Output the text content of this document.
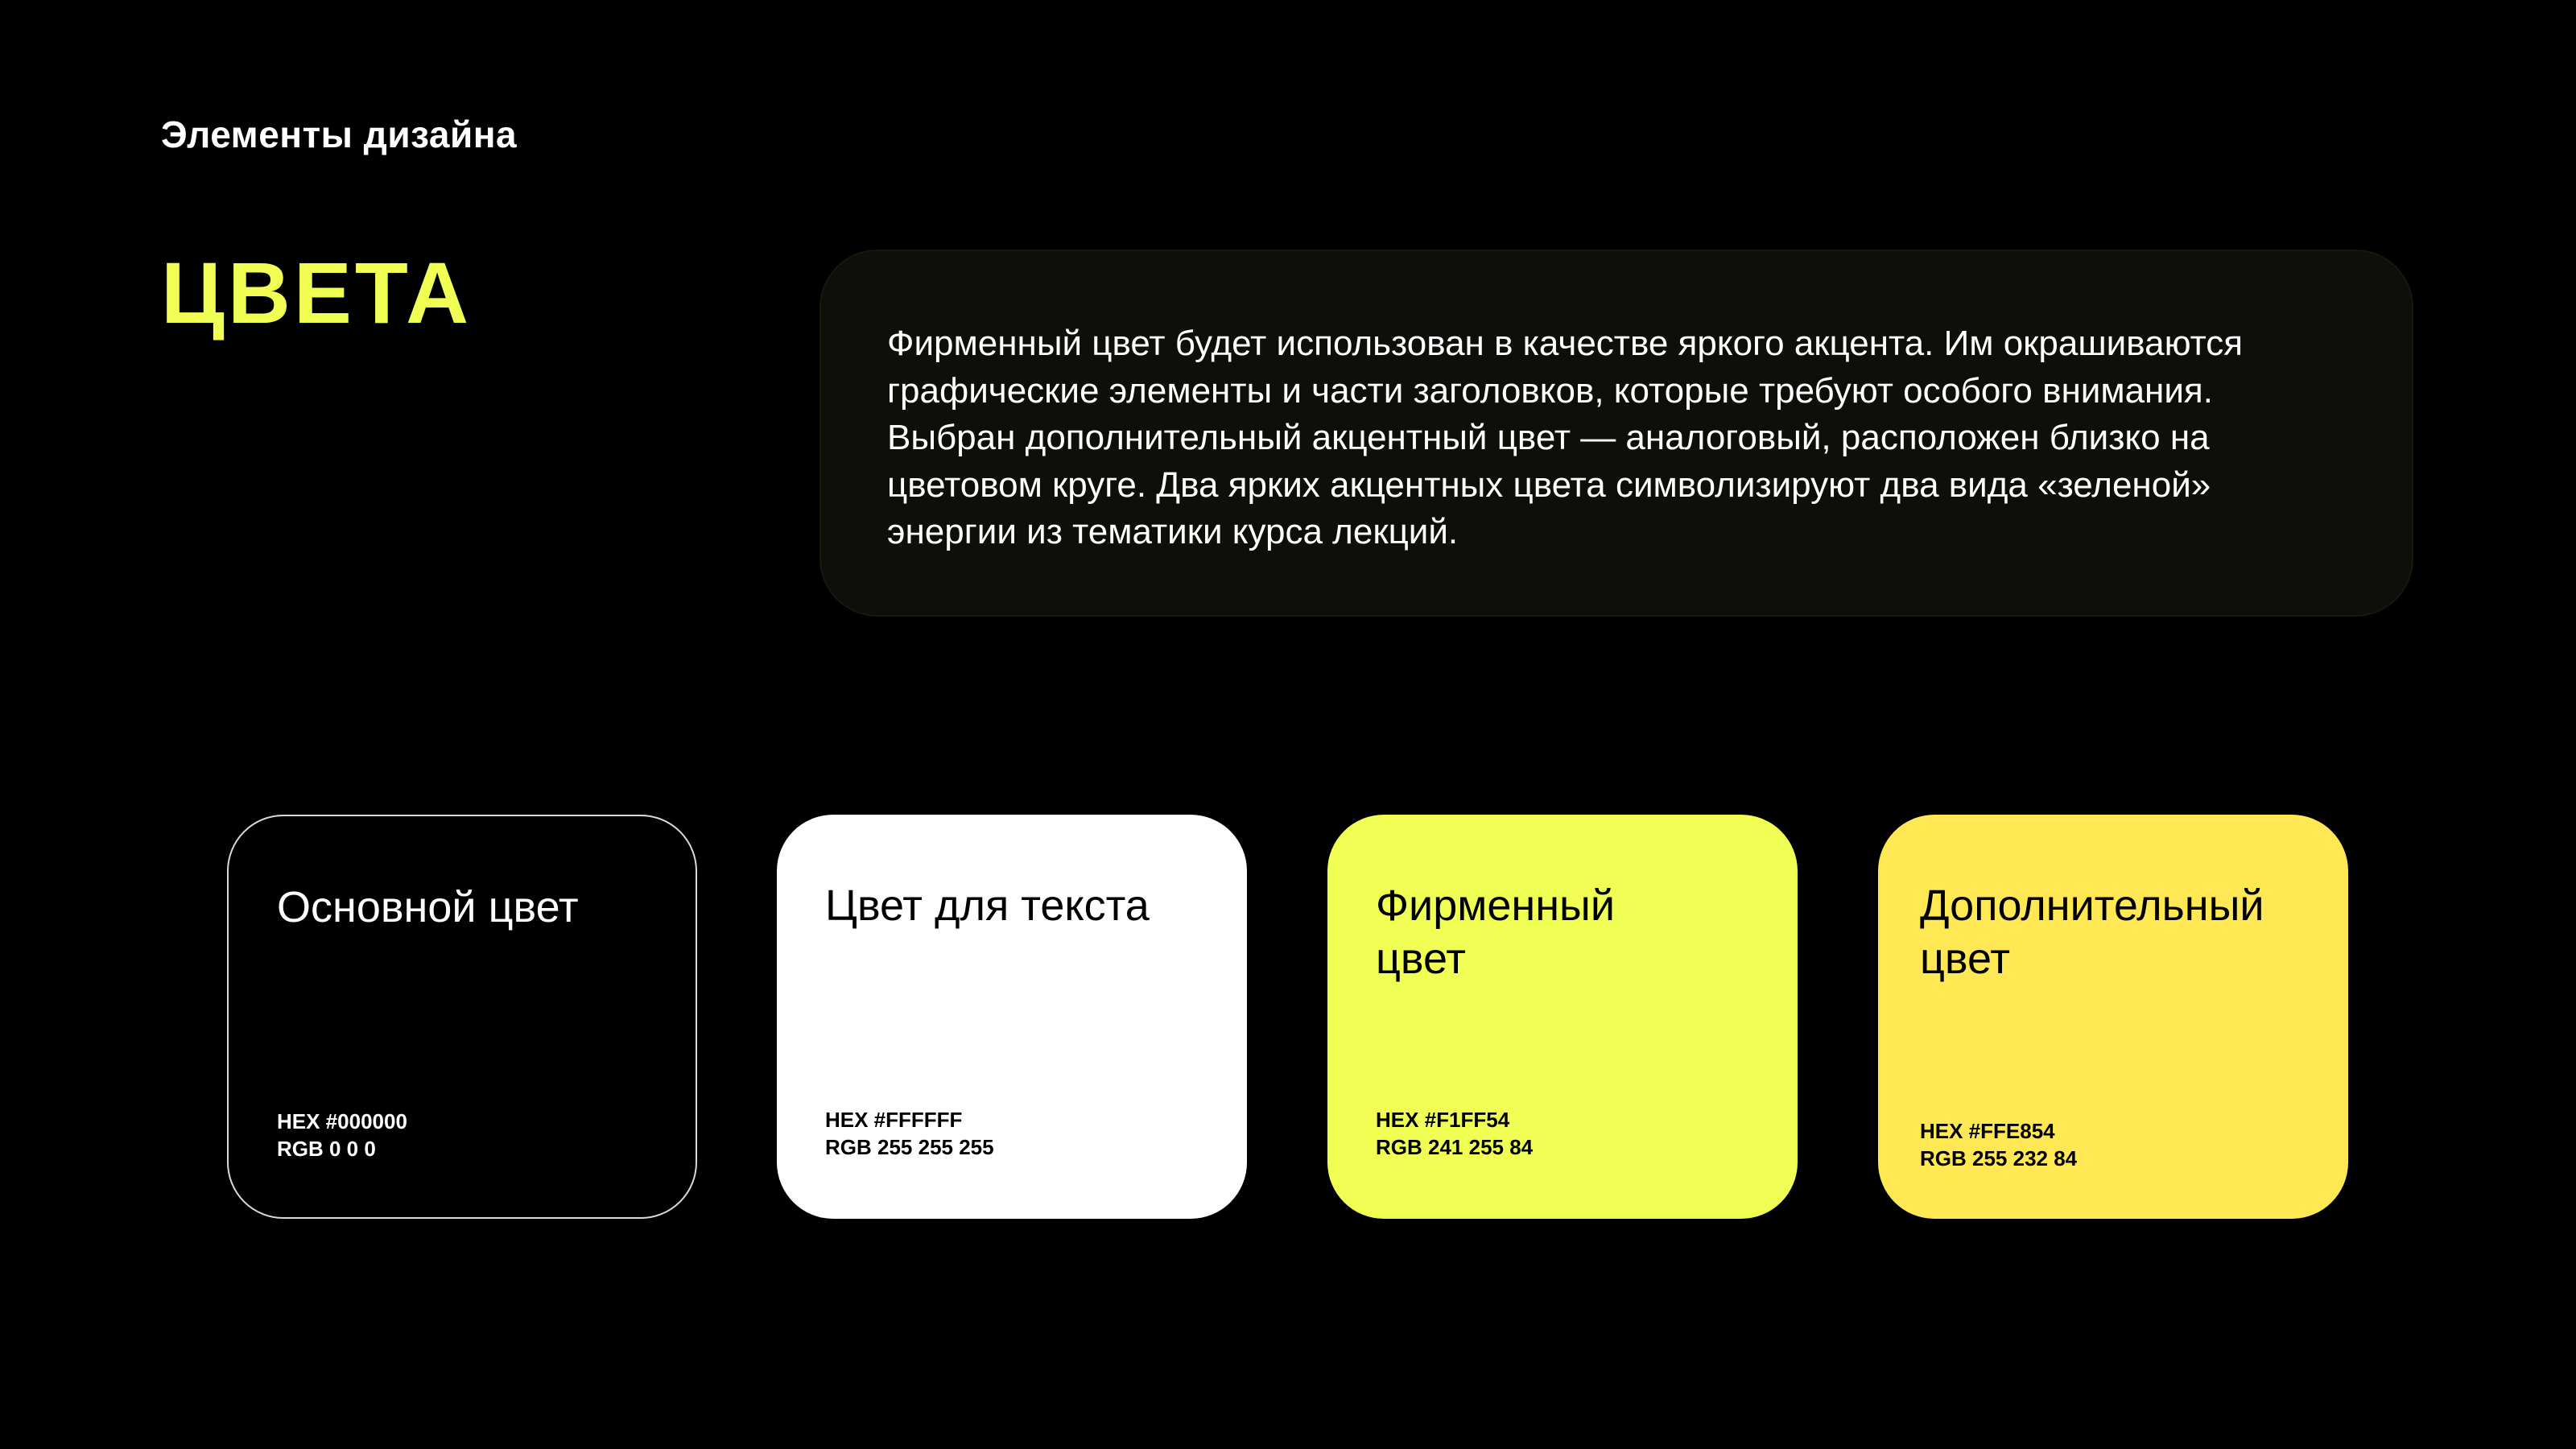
Элементы дизайна
ЦВЕТА

Фирменный цвет будет использован в качестве яркого акцента. Им окрашиваются графические элементы и части заголовков, которые требуют особого внимания. Выбран дополнительный акцентный цвет — аналоговый, расположен близко на цветовом круге. Два ярких акцентных цвета символизируют два вида «зеленой» энергии из тематики курса лекций.

Основной цвет
HEX #000000
RGB 0 0 0
Цвет для текста
HEX #FFFFFF
RGB 255 255 255
Фирменный
цвет
HEX #F1FF54
RGB 241 255 84
Дополнительный
цвет
HEX #FFE854
RGB 255 232 84
